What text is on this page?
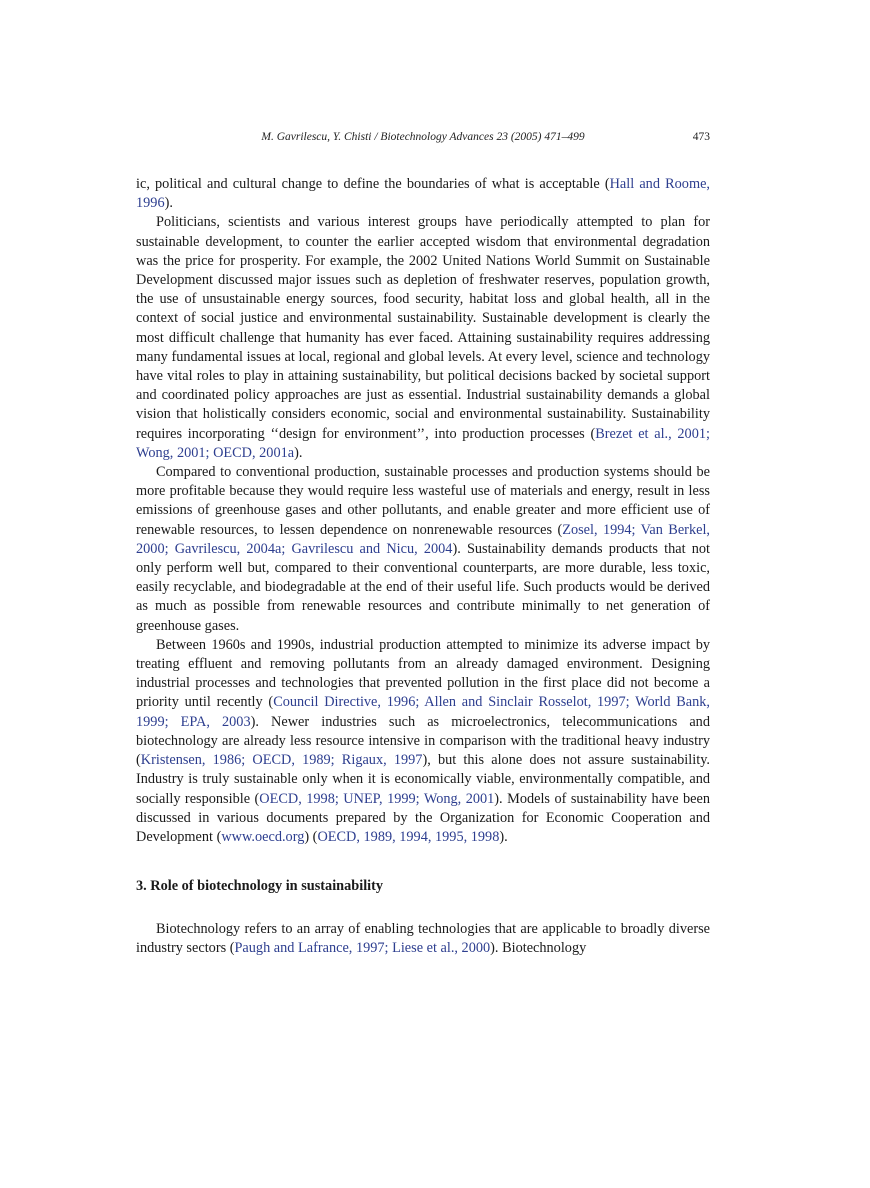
M. Gavrilescu, Y. Chisti / Biotechnology Advances 23 (2005) 471–499	473

ic, political and cultural change to define the boundaries of what is acceptable (Hall and Roome, 1996).

Politicians, scientists and various interest groups have periodically attempted to plan for sustainable development, to counter the earlier accepted wisdom that environmental degradation was the price for prosperity. For example, the 2002 United Nations World Summit on Sustainable Development discussed major issues such as depletion of freshwater reserves, population growth, the use of unsustainable energy sources, food security, habitat loss and global health, all in the context of social justice and environmental sustainability. Sustainable development is clearly the most difficult challenge that humanity has ever faced. Attaining sustainability requires addressing many fundamental issues at local, regional and global levels. At every level, science and technology have vital roles to play in attaining sustainability, but political decisions backed by societal support and coordinated policy approaches are just as essential. Industrial sustainability demands a global vision that holistically considers economic, social and environmental sustainability. Sustainability requires incorporating ‘‘design for environment’’, into production processes (Brezet et al., 2001; Wong, 2001; OECD, 2001a).

Compared to conventional production, sustainable processes and production systems should be more profitable because they would require less wasteful use of materials and energy, result in less emissions of greenhouse gases and other pollutants, and enable greater and more efficient use of renewable resources, to lessen dependence on nonrenewable resources (Zosel, 1994; Van Berkel, 2000; Gavrilescu, 2004a; Gavrilescu and Nicu, 2004). Sustainability demands products that not only perform well but, compared to their conventional counterparts, are more durable, less toxic, easily recyclable, and biodegradable at the end of their useful life. Such products would be derived as much as possible from renewable resources and contribute minimally to net generation of greenhouse gases.

Between 1960s and 1990s, industrial production attempted to minimize its adverse impact by treating effluent and removing pollutants from an already damaged environment. Designing industrial processes and technologies that prevented pollution in the first place did not become a priority until recently (Council Directive, 1996; Allen and Sinclair Rosselot, 1997; World Bank, 1999; EPA, 2003). Newer industries such as microelectronics, telecommunications and biotechnology are already less resource intensive in comparison with the traditional heavy industry (Kristensen, 1986; OECD, 1989; Rigaux, 1997), but this alone does not assure sustainability. Industry is truly sustainable only when it is economically viable, environmentally compatible, and socially responsible (OECD, 1998; UNEP, 1999; Wong, 2001). Models of sustainability have been discussed in various documents prepared by the Organization for Economic Cooperation and Development (www.oecd.org) (OECD, 1989, 1994, 1995, 1998).

3. Role of biotechnology in sustainability

Biotechnology refers to an array of enabling technologies that are applicable to broadly diverse industry sectors (Paugh and Lafrance, 1997; Liese et al., 2000). Biotechnology
